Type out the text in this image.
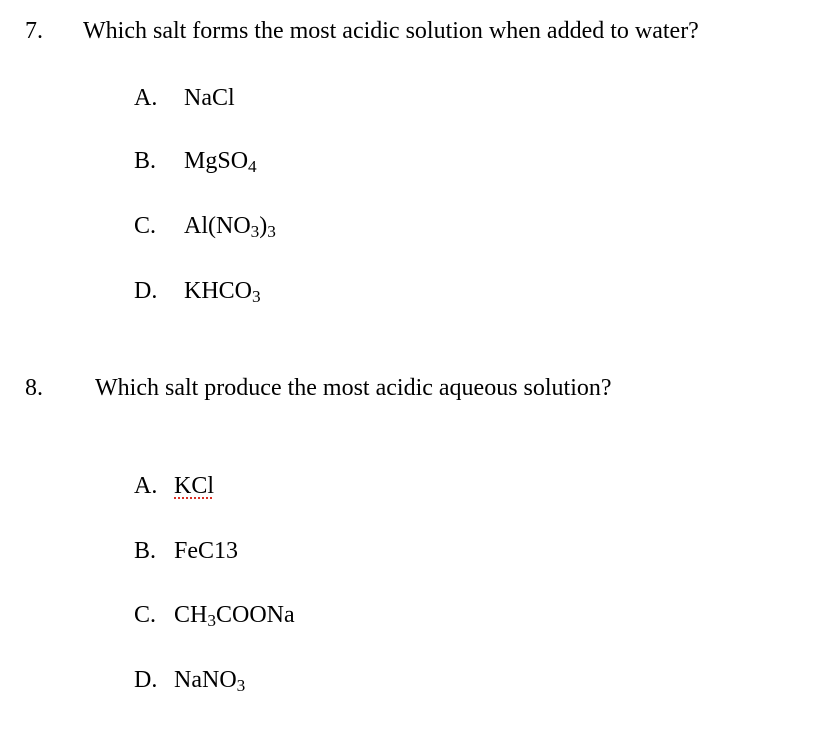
7. Which salt forms the most acidic solution when added to water?
A. NaCl
B. MgSO$_4$
C. $Al(NO_3)_3$
D. $KHCO_3$
8. Which salt produce the most acidic aqueous solution?
A. KCl
B. FeC13
C. $CH_3COONa$
D. NaNO$_3$
